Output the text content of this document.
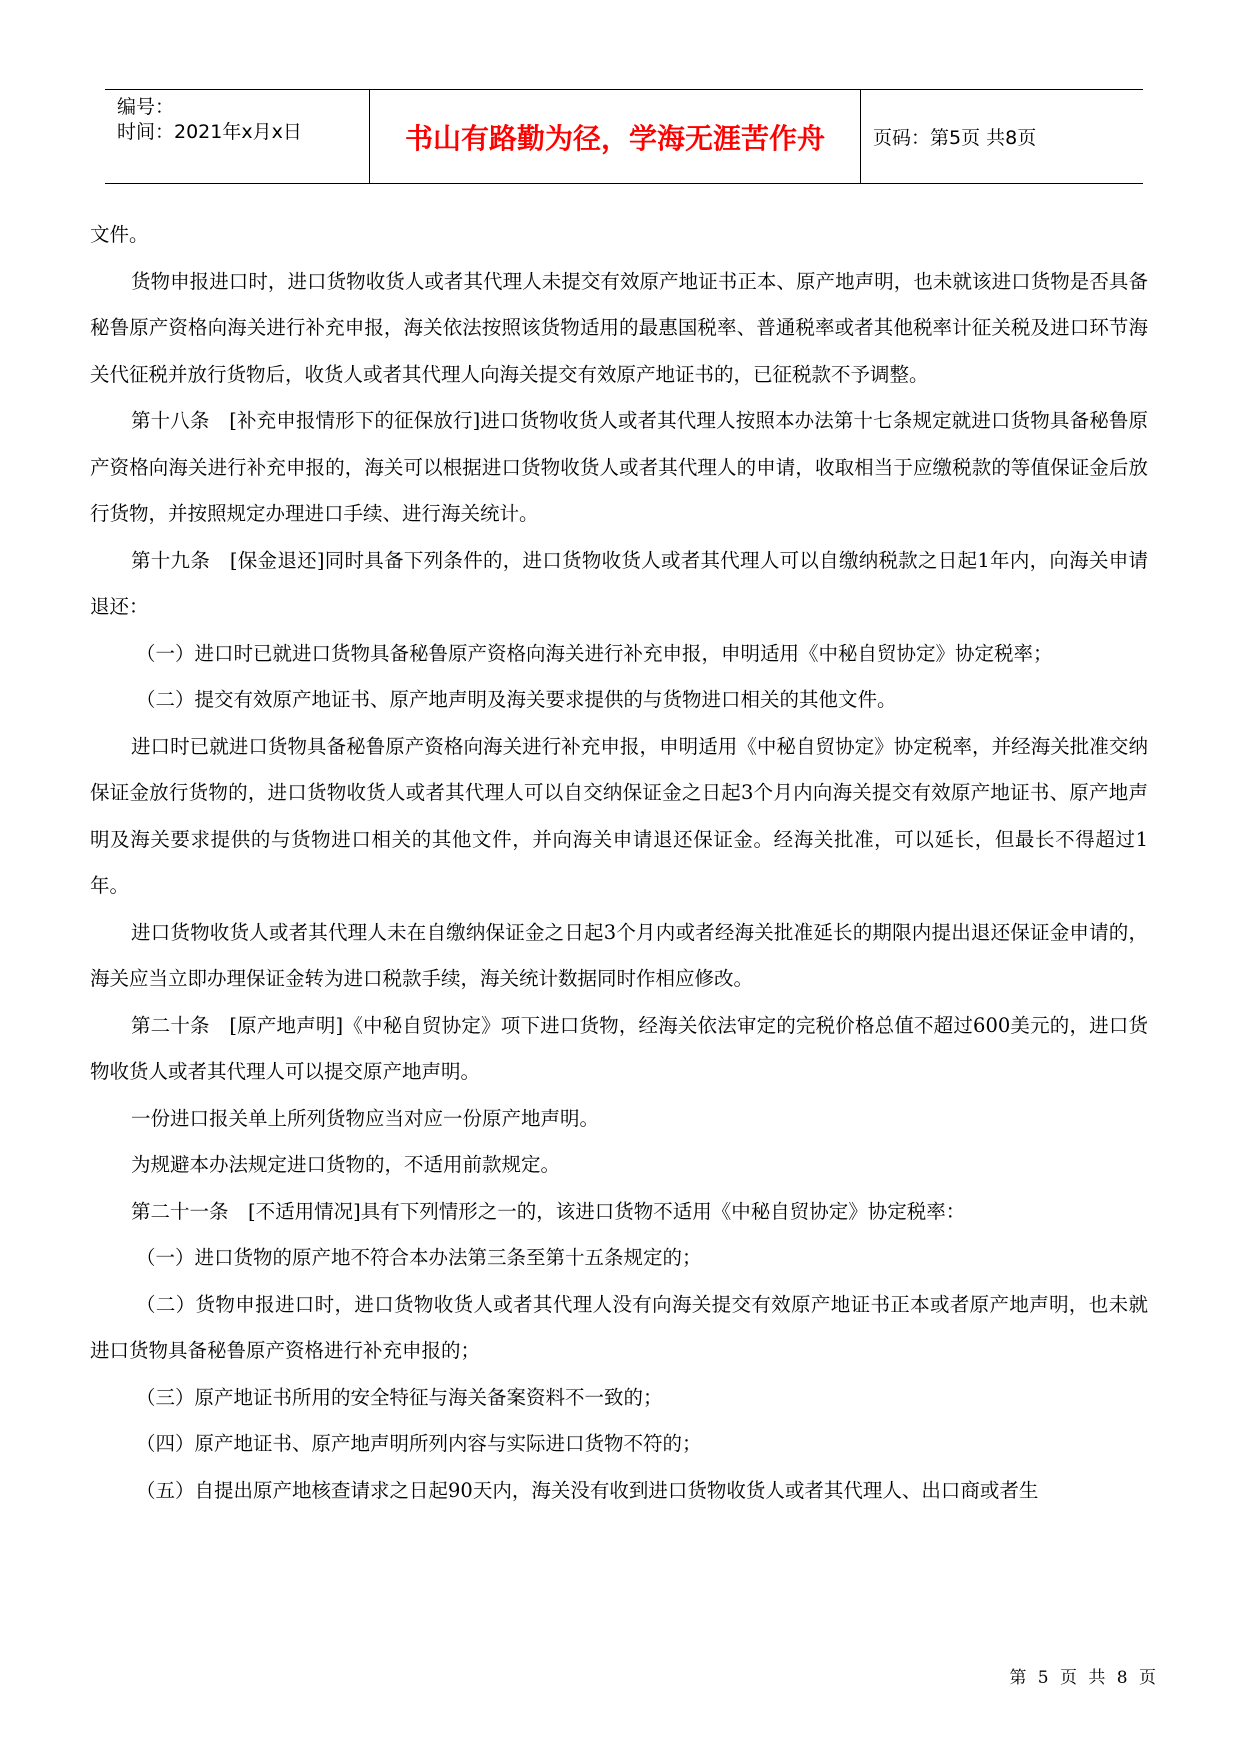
编号：
时间：2021年x月x日	书山有路勤为径，学海无涯苦作舟	页码：第5页 共8页

文件。

货物申报进口时，进口货物收货人或者其代理人未提交有效原产地证书正本、原产地声明，也未就该进口货物是否具备秘鲁原产资格向海关进行补充申报，海关依法按照该货物适用的最惠国税率、普通税率或者其他税率计征关税及进口环节海关代征税并放行货物后，收货人或者其代理人向海关提交有效原产地证书的，已征税款不予调整。

第十八条　[补充申报情形下的征保放行]进口货物收货人或者其代理人按照本办法第十七条规定就进口货物具备秘鲁原产资格向海关进行补充申报的，海关可以根据进口货物收货人或者其代理人的申请，收取相当于应缴税款的等值保证金后放行货物，并按照规定办理进口手续、进行海关统计。

第十九条　[保金退还]同时具备下列条件的，进口货物收货人或者其代理人可以自缴纳税款之日起1年内，向海关申请退还：

（一）进口时已就进口货物具备秘鲁原产资格向海关进行补充申报，申明适用《中秘自贸协定》协定税率；

（二）提交有效原产地证书、原产地声明及海关要求提供的与货物进口相关的其他文件。

进口时已就进口货物具备秘鲁原产资格向海关进行补充申报，申明适用《中秘自贸协定》协定税率，并经海关批准交纳保证金放行货物的，进口货物收货人或者其代理人可以自交纳保证金之日起3个月内向海关提交有效原产地证书、原产地声明及海关要求提供的与货物进口相关的其他文件，并向海关申请退还保证金。经海关批准，可以延长，但最长不得超过1年。

进口货物收货人或者其代理人未在自缴纳保证金之日起3个月内或者经海关批准延长的期限内提出退还保证金申请的，海关应当立即办理保证金转为进口税款手续，海关统计数据同时作相应修改。

第二十条　[原产地声明]《中秘自贸协定》项下进口货物，经海关依法审定的完税价格总值不超过600美元的，进口货物收货人或者其代理人可以提交原产地声明。

一份进口报关单上所列货物应当对应一份原产地声明。

为规避本办法规定进口货物的，不适用前款规定。

第二十一条　[不适用情况]具有下列情形之一的，该进口货物不适用《中秘自贸协定》协定税率：

（一）进口货物的原产地不符合本办法第三条至第十五条规定的；

（二）货物申报进口时，进口货物收货人或者其代理人没有向海关提交有效原产地证书正本或者原产地声明，也未就进口货物具备秘鲁原产资格进行补充申报的；

（三）原产地证书所用的安全特征与海关备案资料不一致的；

（四）原产地证书、原产地声明所列内容与实际进口货物不符的；

（五）自提出原产地核查请求之日起90天内，海关没有收到进口货物收货人或者其代理人、出口商或者生

第 5 页 共 8 页
